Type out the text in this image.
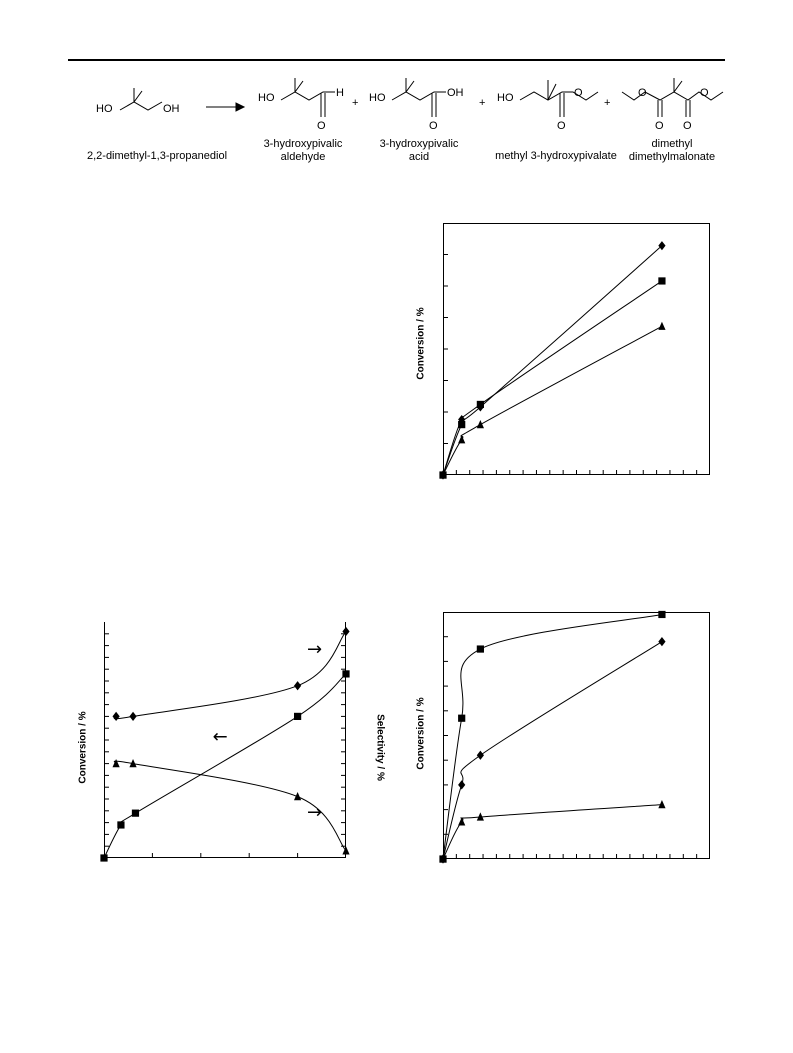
HO	OH
HO	H
O
+ HO	OH
O
+ HO	O
O
+
O	O
O O
2,2-dimethyl-1,3-propanediol
3-hydroxypivalic aldehyde
3-hydroxypivalic acid	methyl 3-hydroxypivalate
dimethyl dimethylmalonate
Conversion / %
→
←
→
Conversion / %	Selectivity / %	Conversion / %
